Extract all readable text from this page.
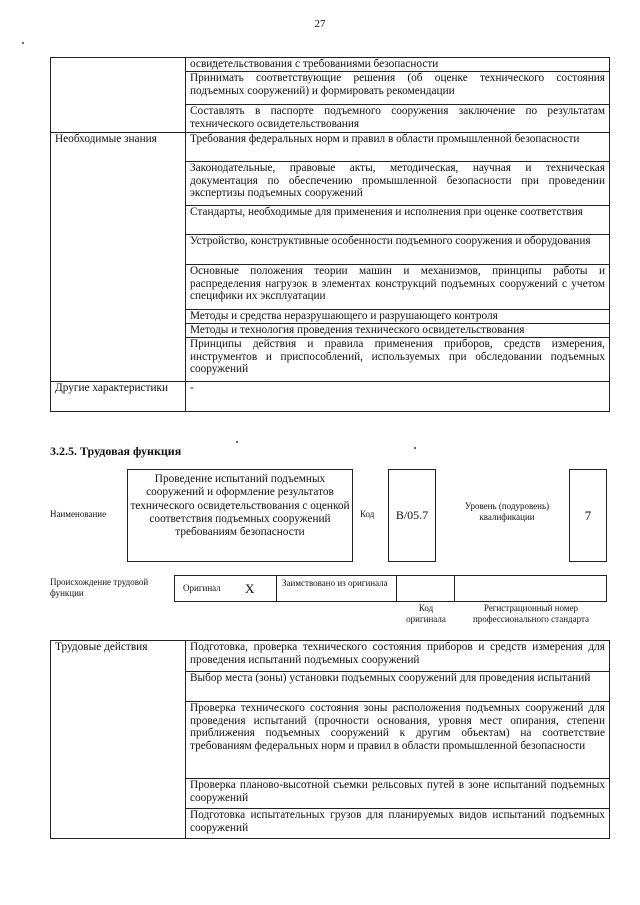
27
	освидетельствования с требованиями безопасности
	Принимать соответствующие решения (об оценке технического состояния подъемных сооружений) и формировать рекомендации
	Составлять в паспорте подъемного сооружения заключение по результатам технического освидетельствования
Необходимые знания	Требования федеральных норм и правил в области промышленной безопасности
	Законодательные, правовые акты, методическая, научная и техническая документация по обеспечению промышленной безопасности при проведении экспертизы подъемных сооружений
	Стандарты, необходимые для применения и исполнения при оценке соответствия
	Устройство, конструктивные особенности подъемного сооружения и оборудования
	Основные положения теории машин и механизмов, принципы работы и распределения нагрузок в элементах конструкций подъемных сооружений с учетом специфики их эксплуатации
	Методы и средства неразрушающего и разрушающего контроля
	Методы и технология проведения технического освидетельствования
	Принципы действия и правила применения приборов, средств измерения, инструментов и приспособлений, используемых при обследовании подъемных сооружений
Другие характеристики	-
3.2.5. Трудовая функция
Наименование
Проведение испытаний подъемных сооружений и оформление результатов технического освидетельствования с оценкой соответствия подъемных сооружений требованиям безопасности
Код	В/05.7
Уровень (подуровень) квалификации	7
Происхождение трудовой функции	Оригинал X	Заимствовано из оригинала
Код оригинала
Регистрационный номер профессионального стандарта
Трудовые действия	Подготовка, проверка технического состояния приборов и средств измерения для проведения испытаний подъемных сооружений
Выбор места (зоны) установки подъемных сооружений для проведения испытаний
Проверка технического состояния зоны расположения подъемных сооружений для проведения испытаний (прочности основания, уровня мест опирания, степени приближения подъемных сооружений к другим объектам) на соответствие требованиям федеральных норм и правил в области промышленной безопасности
Проверка планово-высотной съемки рельсовых путей в зоне испытаний подъемных сооружений
Подготовка испытательных грузов для планируемых видов испытаний подъемных сооружений
